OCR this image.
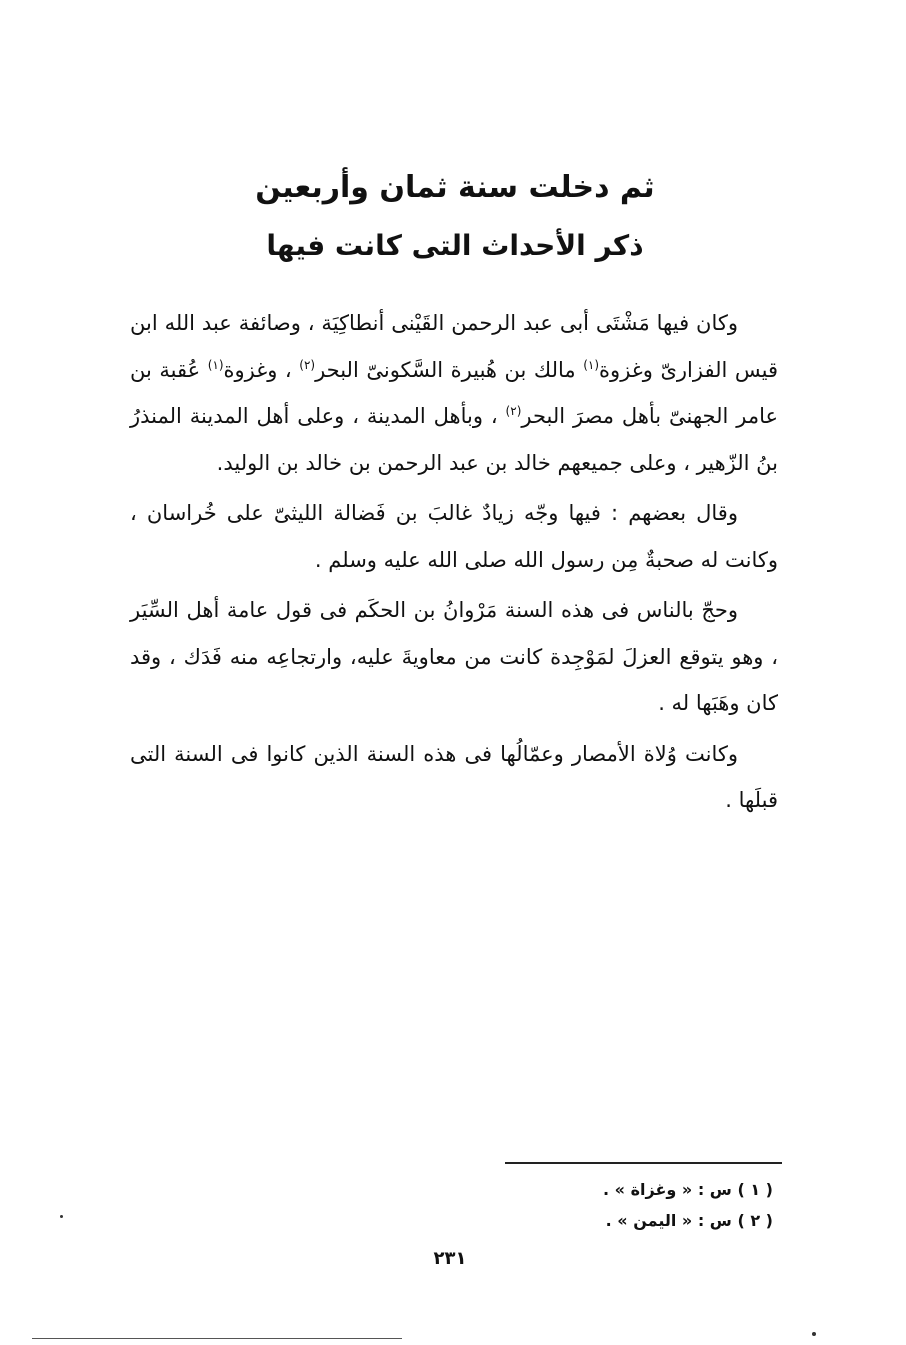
ثم دخلت سنة ثمان وأربعين
ذكر الأحداث التى كانت فيها

وكان فيها مَشْتَى أبى عبد الرحمن القَيْنى أنطاكِيَة ، وصائفة عبد الله ابن قيس الفزارىّ وغزوة$^{(١)}$ مالك بن هُبيرة السَّكونىّ البحر$^{(٢)}$ ، وغزوة$^{(١)}$ عُقبة بن عامر الجهنىّ بأهل مصرَ البحر$^{(٢)}$ ، وبأهل المدينة ، وعلى أهل المدينة المنذرُ بنُ الزّهير ، وعلى جميعهم خالد بن عبد الرحمن بن خالد بن الوليد.

وقال بعضهم : فيها وجّه زيادٌ غالبَ بن فَضالة الليثىّ على خُراسان ، وكانت له صحبةٌ مِن رسول الله صلى الله عليه وسلم .

وحجّ بالناس فى هذه السنة مَرْوانُ بن الحكَم فى قول عامة أهل السِّيَر ، وهو يتوقع العزلَ لمَوْجِدة كانت من معاويةَ عليه، وارتجاعِه منه فَدَك ، وقد كان وهَبَها له .

وكانت وُلاة الأمصار وعمّالُها فى هذه السنة الذين كانوا فى السنة التى قبلَها .

( ١ ) س : « وغزاة » .
( ٢ ) س : « اليمن » .
٢٣١
